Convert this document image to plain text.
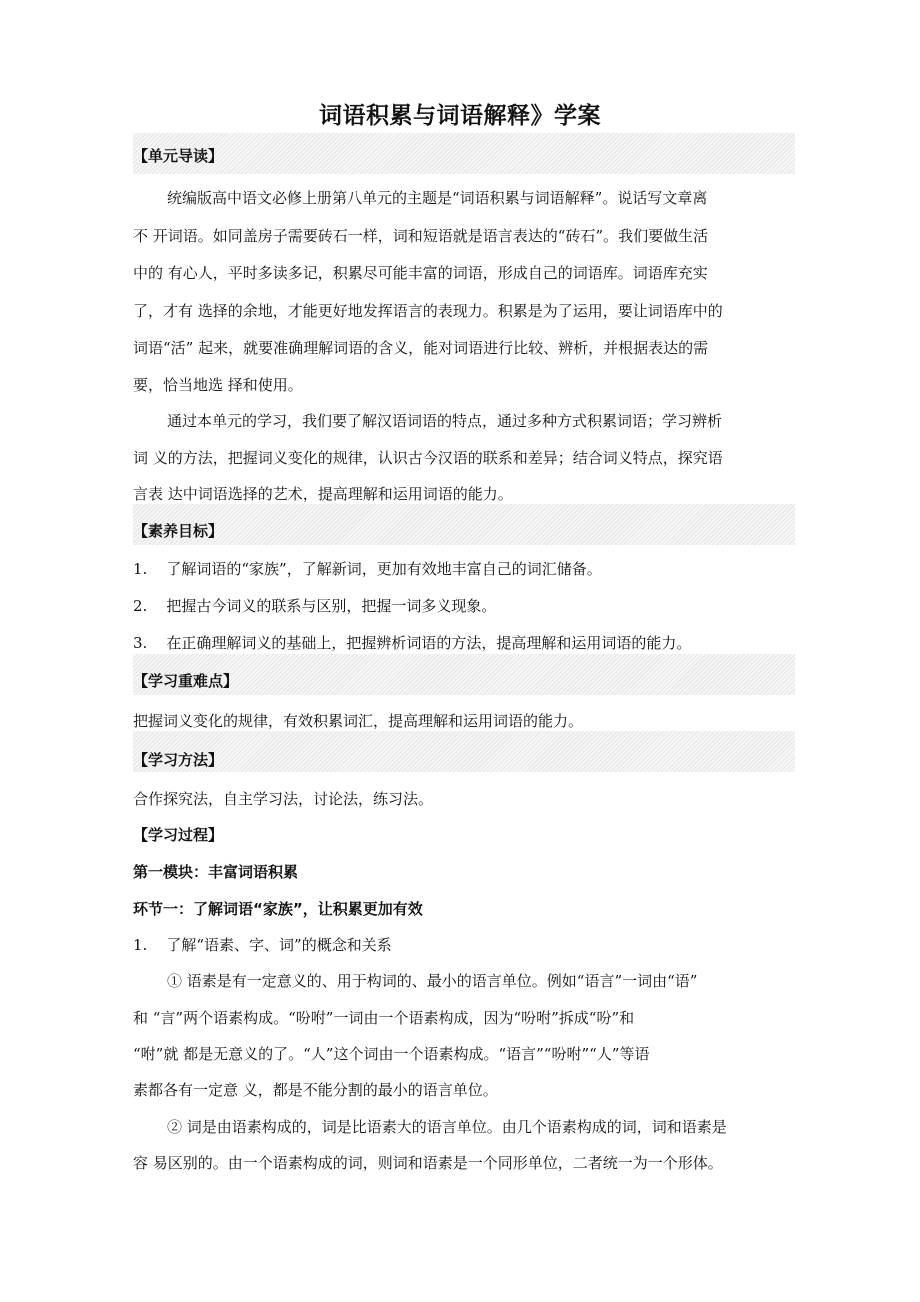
词语积累与词语解释》学案
【单元导读】
统编版高中语文必修上册第八单元的主题是“词语积累与词语解释”。说话写文章离
不 开词语。如同盖房子需要砖石一样，词和短语就是语言表达的“砖石”。我们要做生活
中的 有心人，平时多读多记，积累尽可能丰富的词语，形成自己的词语库。词语库充实
了，才有 选择的余地，才能更好地发挥语言的表现力。积累是为了运用，要让词语库中的
词语“活” 起来，就要准确理解词语的含义，能对词语进行比较、辨析，并根据表达的需
要，恰当地选 择和使用。
通过本单元的学习，我们要了解汉语词语的特点，通过多种方式积累词语；学习辨析
词 义的方法，把握词义变化的规律，认识古今汉语的联系和差异；结合词义特点，探究语
言表 达中词语选择的艺术，提高理解和运用词语的能力。
【素养目标】
1.    了解词语的“家族”，了解新词，更加有效地丰富自己的词汇储备。
2.    把握古今词义的联系与区别，把握一词多义现象。
3.    在正确理解词义的基础上，把握辨析词语的方法，提高理解和运用词语的能力。
【学习重难点】
把握词义变化的规律，有效积累词汇，提高理解和运用词语的能力。
【学习方法】
合作探究法，自主学习法，讨论法，练习法。
【学习过程】
第一模块：丰富词语积累
环节一：了解词语“家族”，让积累更加有效
1.    了解“语素、字、词”的概念和关系
① 语素是有一定意义的、用于构词的、最小的语言单位。例如“语言”一词由“语”
和 “言”两个语素构成。“吩咐”一词由一个语素构成，因为“吩咐”拆成“吩”和
“咐”就 都是无意义的了。“人”这个词由一个语素构成。“语言”“吩咐”“人”等语
素都各有一定意 义，都是不能分割的最小的语言单位。
② 词是由语素构成的，词是比语素大的语言单位。由几个语素构成的词，词和语素是
容 易区别的。由一个语素构成的词，则词和语素是一个同形单位，二者统一为一个形体。
